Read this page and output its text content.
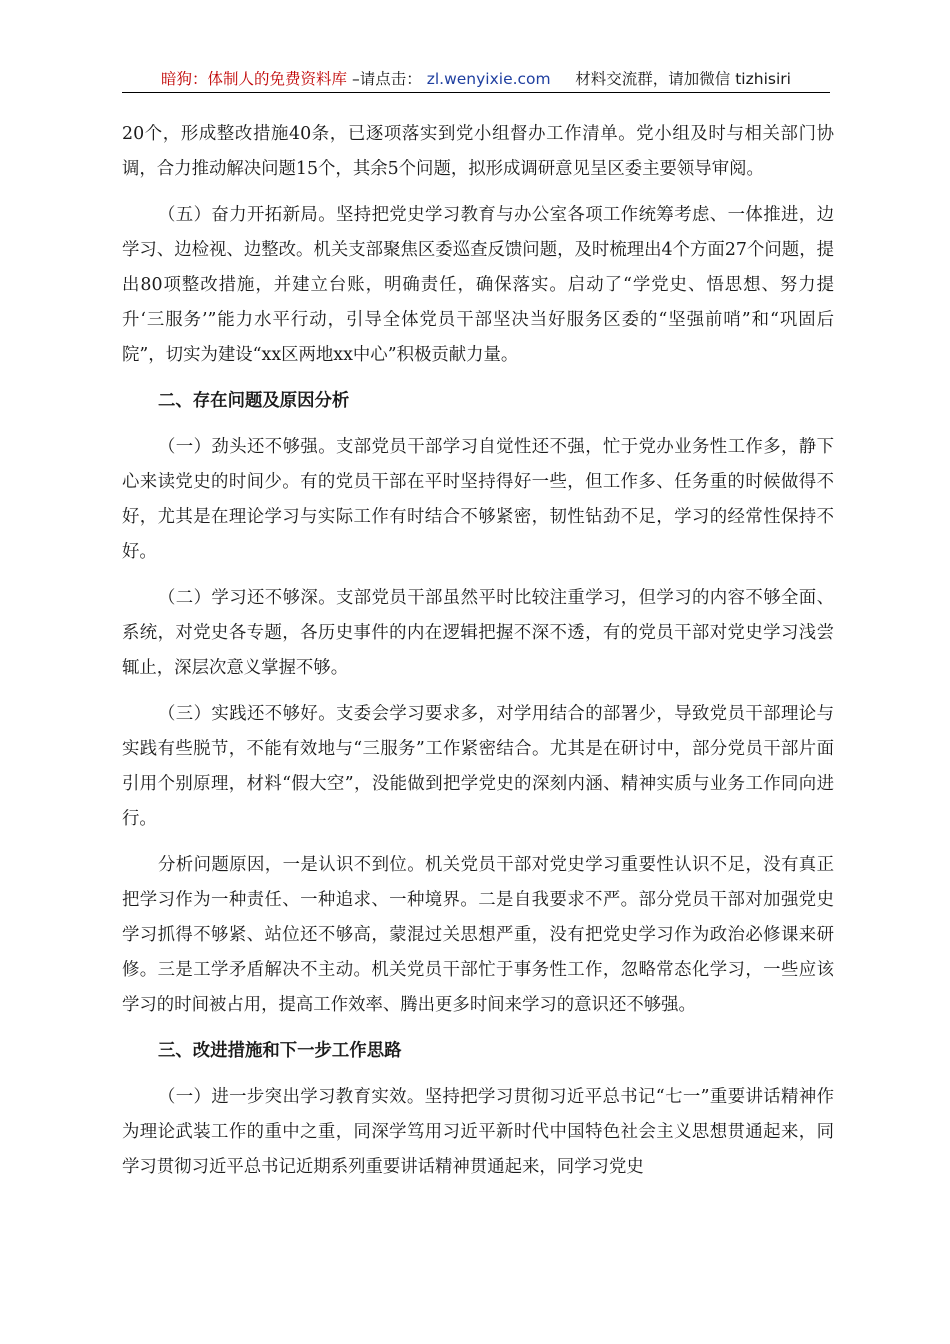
暗狗：体制人的免费资料库 –请点击： zl.wenyixie.com 材料交流群，请加微信 tizhisiri

20个，形成整改措施40条，已逐项落实到党小组督办工作清单。党小组及时与相关部门协调，合力推动解决问题15个，其余5个问题，拟形成调研意见呈区委主要领导审阅。

（五）奋力开拓新局。坚持把党史学习教育与办公室各项工作统筹考虑、一体推进，边学习、边检视、边整改。机关支部聚焦区委巡查反馈问题，及时梳理出4个方面27个问题，提出80项整改措施，并建立台账，明确责任，确保落实。启动了“学党史、悟思想、努力提升‘三服务’”能力水平行动，引导全体党员干部坚决当好服务区委的“坚强前哨”和“巩固后院”，切实为建设“xx区两地xx中心”积极贡献力量。

二、存在问题及原因分析

（一）劲头还不够强。支部党员干部学习自觉性还不强，忙于党办业务性工作多，静下心来读党史的时间少。有的党员干部在平时坚持得好一些，但工作多、任务重的时候做得不好，尤其是在理论学习与实际工作有时结合不够紧密，韧性钻劲不足，学习的经常性保持不好。

（二）学习还不够深。支部党员干部虽然平时比较注重学习，但学习的内容不够全面、系统，对党史各专题，各历史事件的内在逻辑把握不深不透，有的党员干部对党史学习浅尝辄止，深层次意义掌握不够。

（三）实践还不够好。支委会学习要求多，对学用结合的部署少，导致党员干部理论与实践有些脱节，不能有效地与“三服务”工作紧密结合。尤其是在研讨中，部分党员干部片面引用个别原理，材料“假大空”，没能做到把学党史的深刻内涵、精神实质与业务工作同向进行。

分析问题原因，一是认识不到位。机关党员干部对党史学习重要性认识不足，没有真正把学习作为一种责任、一种追求、一种境界。二是自我要求不严。部分党员干部对加强党史学习抓得不够紧、站位还不够高，蒙混过关思想严重，没有把党史学习作为政治必修课来研修。三是工学矛盾解决不主动。机关党员干部忙于事务性工作，忽略常态化学习，一些应该学习的时间被占用，提高工作效率、腾出更多时间来学习的意识还不够强。

三、改进措施和下一步工作思路

（一）进一步突出学习教育实效。坚持把学习贯彻习近平总书记“七一”重要讲话精神作为理论武装工作的重中之重，同深学笃用习近平新时代中国特色社会主义思想贯通起来，同学习贯彻习近平总书记近期系列重要讲话精神贯通起来，同学习党史
